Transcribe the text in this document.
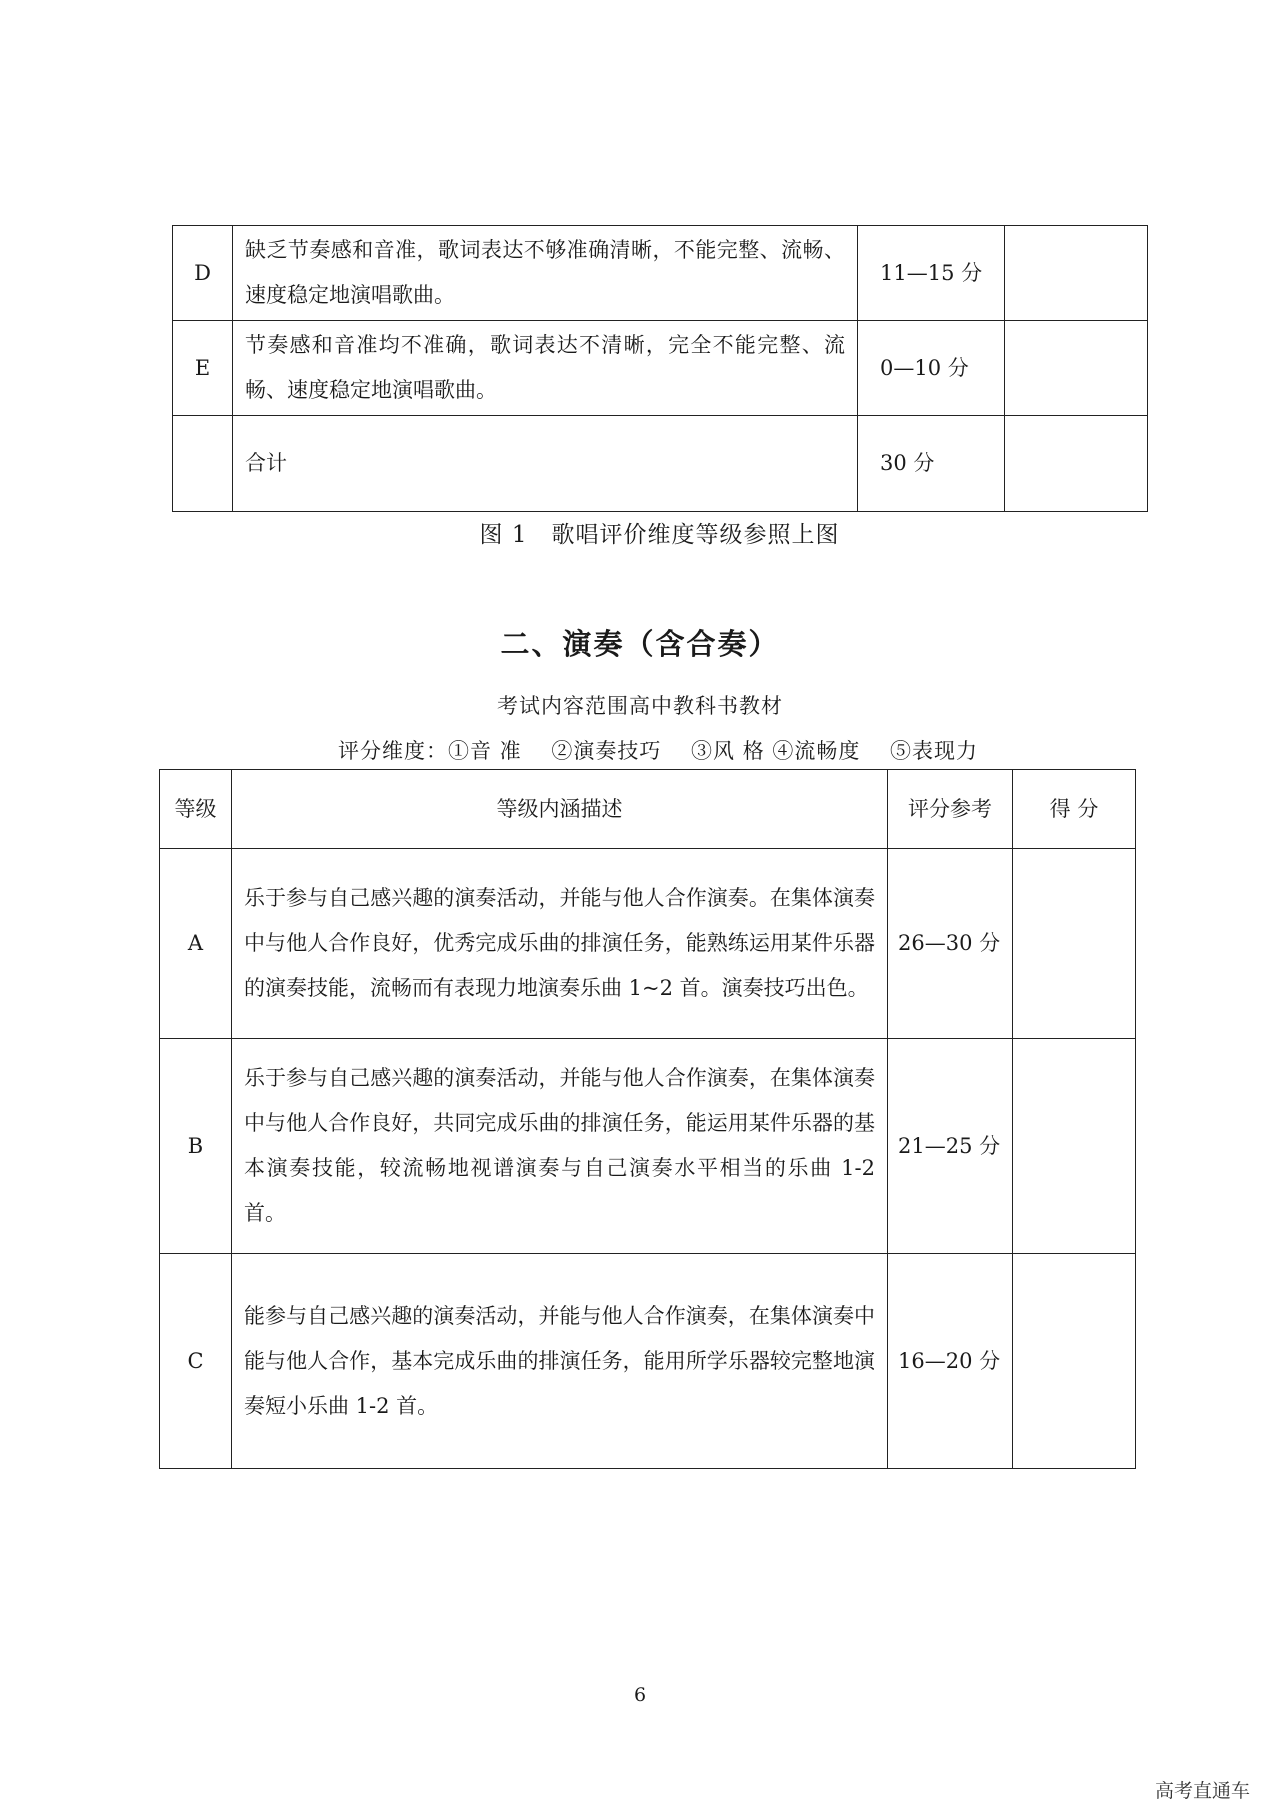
D	缺乏节奏感和音准，歌词表达不够准确清晰，不能完整、流畅、速度稳定地演唱歌曲。	11—15 分	
E	节奏感和音准均不准确，歌词表达不清晰，完全不能完整、流畅、速度稳定地演唱歌曲。	0—10 分	
	合计	30 分	
图 1　歌唱评价维度等级参照上图
二、演奏（含合奏）
考试内容范围高中教科书教材
评分维度：①音 准　 ②演奏技巧　 ③风 格 ④流畅度　 ⑤表现力
等级	等级内涵描述	评分参考	得 分
A	乐于参与自己感兴趣的演奏活动，并能与他人合作演奏。在集体演奏中与他人合作良好，优秀完成乐曲的排演任务，能熟练运用某件乐器的演奏技能，流畅而有表现力地演奏乐曲 1~2 首。演奏技巧出色。	26—30 分	
B	乐于参与自己感兴趣的演奏活动，并能与他人合作演奏，在集体演奏中与他人合作良好，共同完成乐曲的排演任务，能运用某件乐器的基本演奏技能，较流畅地视谱演奏与自己演奏水平相当的乐曲 1-2 首。	21—25 分	
C	能参与自己感兴趣的演奏活动，并能与他人合作演奏，在集体演奏中能与他人合作，基本完成乐曲的排演任务，能用所学乐器较完整地演奏短小乐曲 1-2 首。	16—20 分	
6
高考直通车
